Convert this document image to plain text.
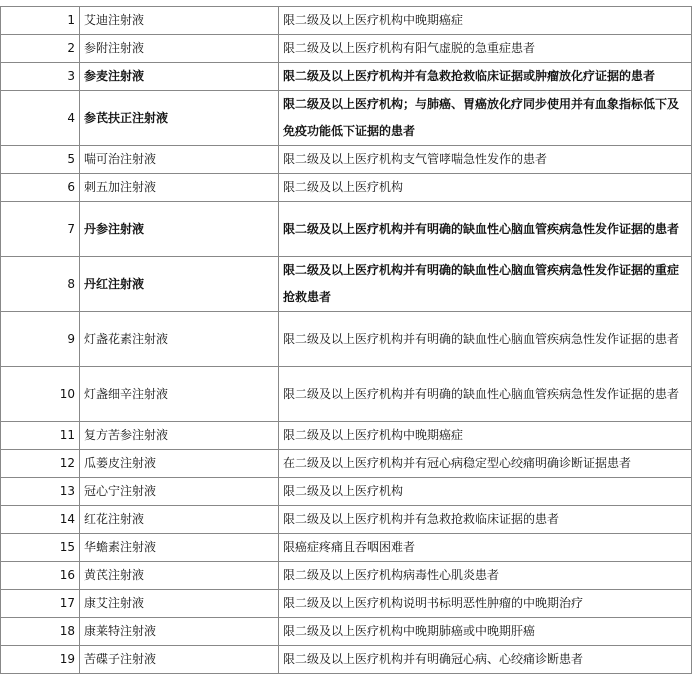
1	艾迪注射液	限二级及以上医疗机构中晚期癌症
2	参附注射液	限二级及以上医疗机构有阳气虚脱的急重症患者
3	参麦注射液	限二级及以上医疗机构并有急救抢救临床证据或肿瘤放化疗证据的患者
4	参芪扶正注射液	限二级及以上医疗机构；与肺癌、胃癌放化疗同步使用并有血象指标低下及免疫功能低下证据的患者
5	喘可治注射液	限二级及以上医疗机构支气管哮喘急性发作的患者
6	刺五加注射液	限二级及以上医疗机构
7	丹参注射液	限二级及以上医疗机构并有明确的缺血性心脑血管疾病急性发作证据的患者
8	丹红注射液	限二级及以上医疗机构并有明确的缺血性心脑血管疾病急性发作证据的重症抢救患者
9	灯盏花素注射液	限二级及以上医疗机构并有明确的缺血性心脑血管疾病急性发作证据的患者
10	灯盏细辛注射液	限二级及以上医疗机构并有明确的缺血性心脑血管疾病急性发作证据的患者
11	复方苦参注射液	限二级及以上医疗机构中晚期癌症
12	瓜蒌皮注射液	在二级及以上医疗机构并有冠心病稳定型心绞痛明确诊断证据患者
13	冠心宁注射液	限二级及以上医疗机构
14	红花注射液	限二级及以上医疗机构并有急救抢救临床证据的患者
15	华蟾素注射液	限癌症疼痛且吞咽困难者
16	黄芪注射液	限二级及以上医疗机构病毒性心肌炎患者
17	康艾注射液	限二级及以上医疗机构说明书标明恶性肿瘤的中晚期治疗
18	康莱特注射液	限二级及以上医疗机构中晚期肺癌或中晚期肝癌
19	苦碟子注射液	限二级及以上医疗机构并有明确冠心病、心绞痛诊断患者
